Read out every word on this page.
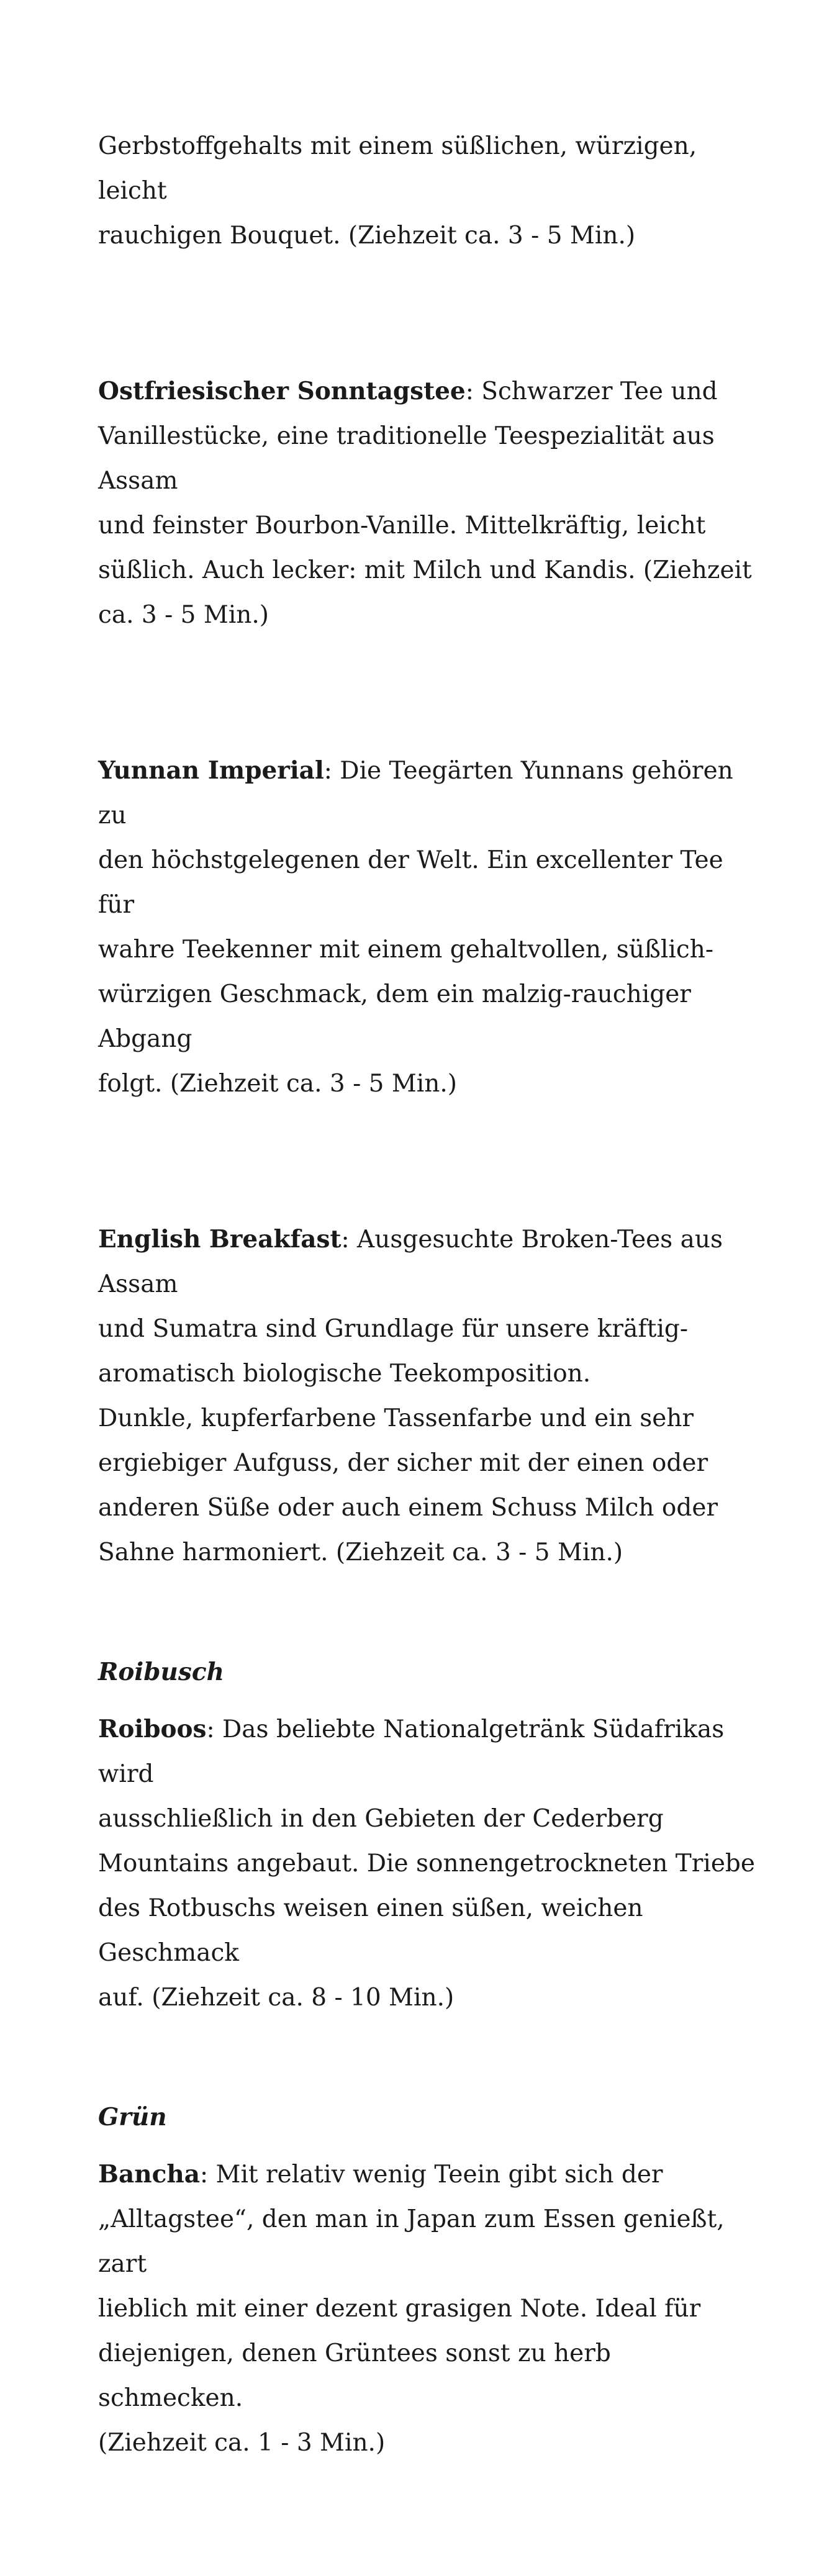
Gerbstoffgehalts mit einem süßlichen, würzigen, leicht
rauchigen Bouquet. (Ziehzeit ca. 3 - 5 Min.)

Ostfriesischer Sonntagstee: Schwarzer Tee und
Vanillestücke, eine traditionelle Teespezialität aus Assam
und feinster Bourbon-Vanille. Mittelkräftig, leicht
süßlich. Auch lecker: mit Milch und Kandis. (Ziehzeit
ca. 3 - 5 Min.)

Yunnan Imperial: Die Teegärten Yunnans gehören zu
den höchstgelegenen der Welt. Ein excellenter Tee für
wahre Teekenner mit einem gehaltvollen, süßlich-
würzigen Geschmack, dem ein malzig-rauchiger Abgang
folgt. (Ziehzeit ca. 3 - 5 Min.)

English Breakfast: Ausgesuchte Broken-Tees aus Assam
und Sumatra sind Grundlage für unsere kräftig-
aromatisch biologische Teekomposition.
Dunkle, kupferfarbene Tassenfarbe und ein sehr
ergiebiger Aufguss, der sicher mit der einen oder
anderen Süße oder auch einem Schuss Milch oder
Sahne harmoniert. (Ziehzeit ca. 3 - 5 Min.)

Roibusch

Roiboos: Das beliebte Nationalgetränk Südafrikas wird
ausschließlich in den Gebieten der Cederberg
Mountains angebaut. Die sonnengetrockneten Triebe
des Rotbuschs weisen einen süßen, weichen Geschmack
auf. (Ziehzeit ca. 8 - 10 Min.)

Grün

Bancha: Mit relativ wenig Teein gibt sich der
„Alltagstee“, den man in Japan zum Essen genießt, zart
lieblich mit einer dezent grasigen Note. Ideal für
diejenigen, denen Grüntees sonst zu herb schmecken.
(Ziehzeit ca. 1 - 3 Min.)
